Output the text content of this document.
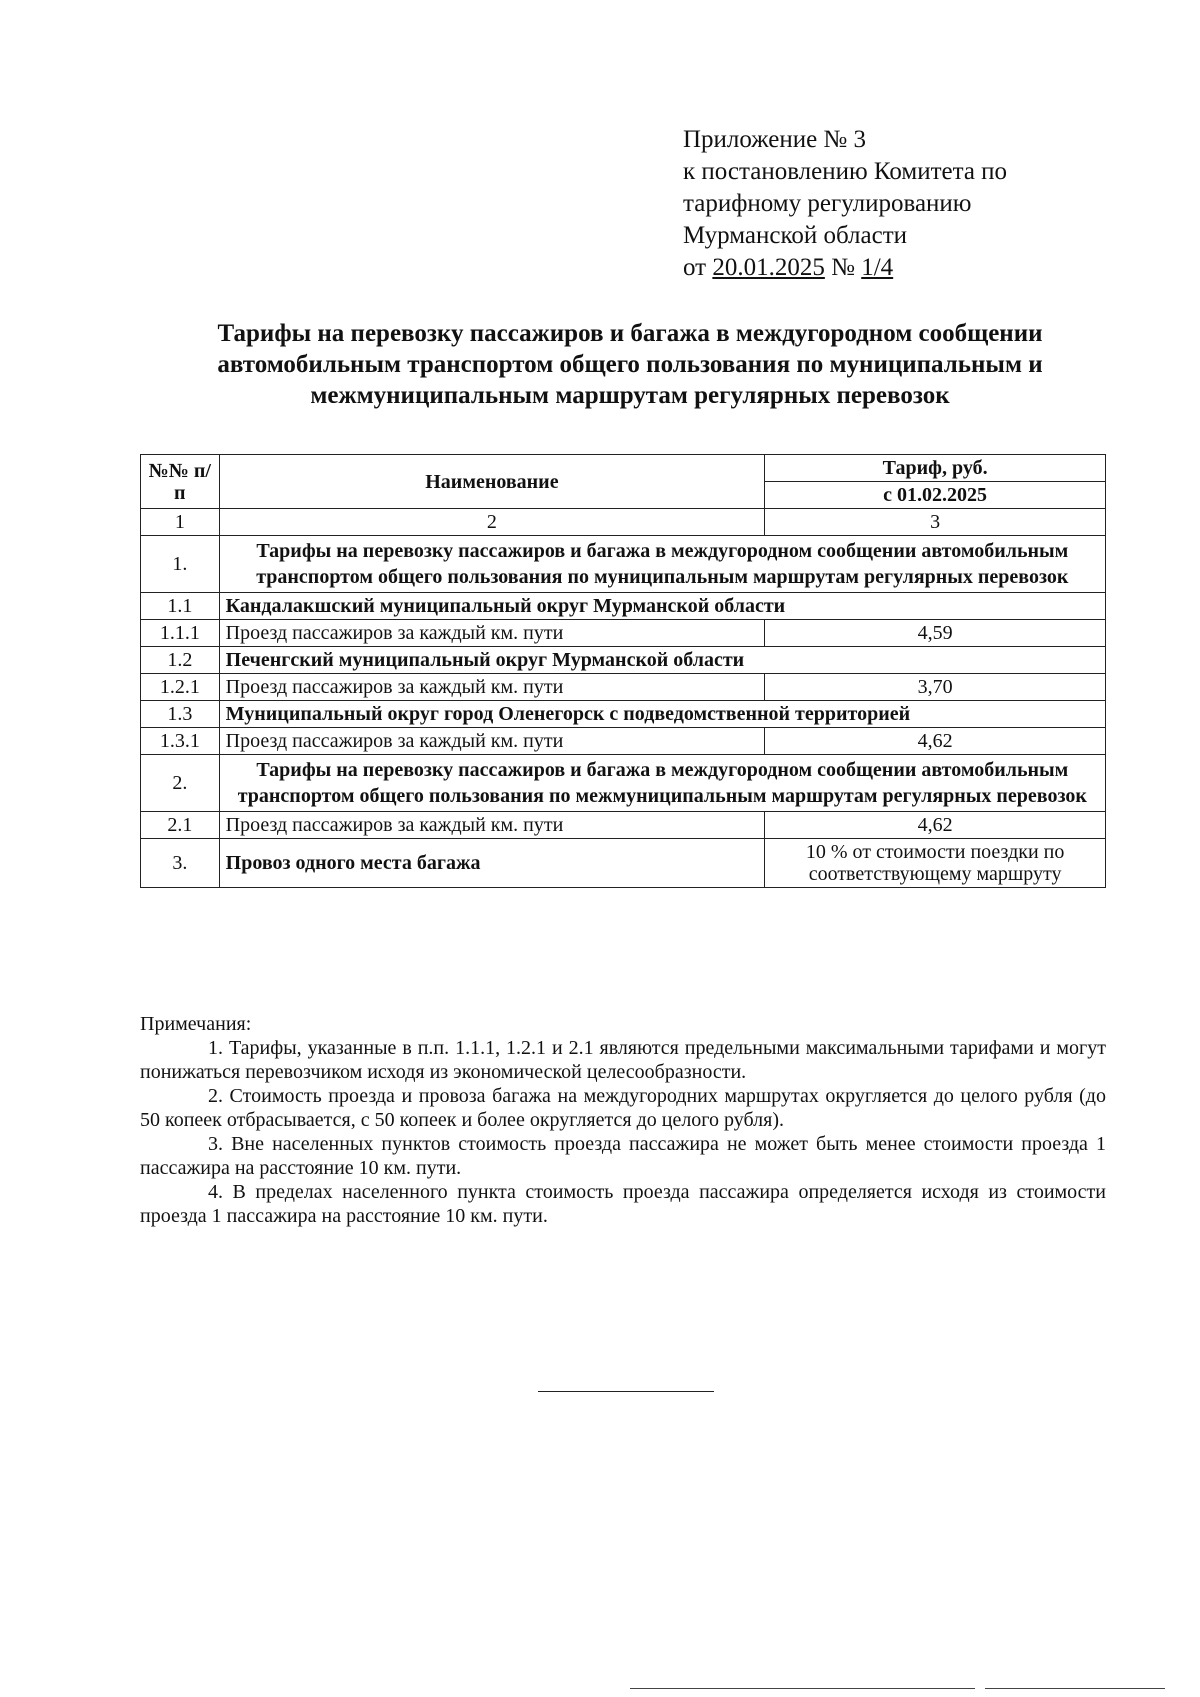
Приложение № 3
к постановлению Комитета по
тарифному регулированию
Мурманской области
от 20.01.2025 № 1/4
Тарифы на перевозку пассажиров и багажа в междугородном сообщении автомобильным транспортом общего пользования по муниципальным и межмуниципальным маршрутам регулярных перевозок
№№ п/п	Наименование	Тариф, руб.
		с 01.02.2025
1	2	3
1.	Тарифы на перевозку пассажиров и багажа в междугородном сообщении автомобильным транспортом общего пользования по муниципальным маршрутам регулярных перевозок	
1.1	Кандалакшский муниципальный округ Мурманской области	
1.1.1	Проезд пассажиров за каждый км. пути	4,59
1.2	Печенгский муниципальный округ Мурманской области	
1.2.1	Проезд пассажиров за каждый км. пути	3,70
1.3	Муниципальный округ город Оленегорск с подведомственной территорией	
1.3.1	Проезд пассажиров за каждый км. пути	4,62
2.	Тарифы на перевозку пассажиров и багажа в междугородном сообщении автомобильным транспортом общего пользования по межмуниципальным маршрутам регулярных перевозок	
2.1	Проезд пассажиров за каждый км. пути	4,62
3.	Провоз одного места багажа	10 % от стоимости поездки по соответствующему маршруту
Примечания:
1. Тарифы, указанные в п.п. 1.1.1, 1.2.1 и 2.1 являются предельными максимальными тарифами и могут понижаться перевозчиком исходя из экономической целесообразности.
2. Стоимость проезда и провоза багажа на междугородних маршрутах округляется до целого рубля (до 50 копеек отбрасывается, с 50 копеек и более округляется до целого рубля).
3. Вне населенных пунктов стоимость проезда пассажира не может быть менее стоимости проезда 1 пассажира на расстояние 10 км. пути.
4. В пределах населенного пункта стоимость проезда пассажира определяется исходя из стоимости проезда 1 пассажира на расстояние 10 км. пути.
